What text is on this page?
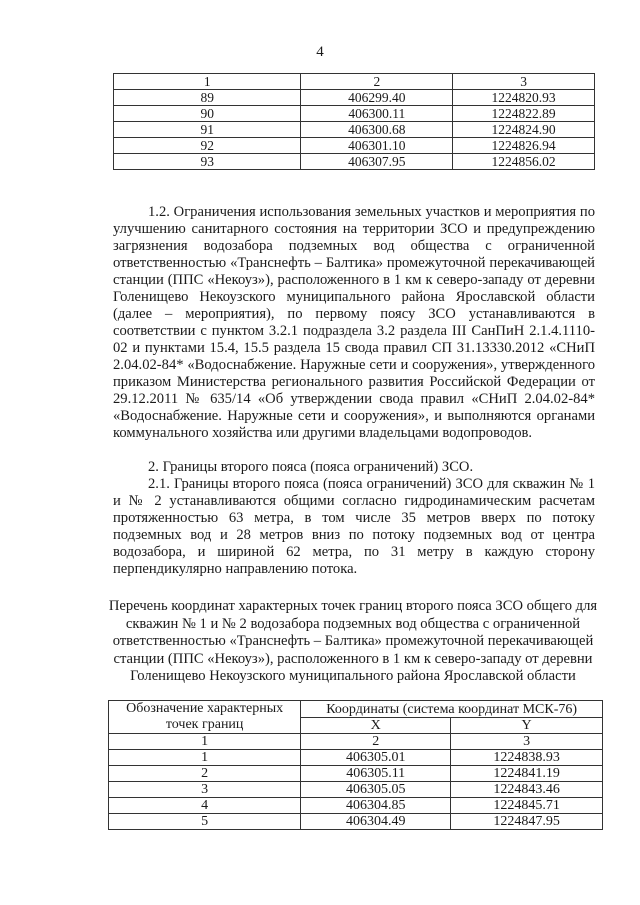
4
1	2	3
89	406299.40	1224820.93
90	406300.11	1224822.89
91	406300.68	1224824.90
92	406301.10	1224826.94
93	406307.95	1224856.02

1.2. Ограничения использования земельных участков и мероприятия по улучшению санитарного состояния на территории ЗСО и предупреждению загрязнения водозабора подземных вод общества с ограниченной ответственностью «Транснефть – Балтика» промежуточной перекачивающей станции (ППС «Некоуз»), расположенного в 1 км к северо-западу от деревни Голенищево Некоузского муниципального района Ярославской области (далее – мероприятия), по первому поясу ЗСО устанавливаются в соответствии с пунктом 3.2.1 подраздела 3.2 раздела III СанПиН 2.1.4.1110-02 и пунктами 15.4, 15.5 раздела 15 свода правил СП 31.13330.2012 «СНиП 2.04.02-84* «Водоснабжение. Наружные сети и сооружения», утвержденного приказом Министерства регионального развития Российской Федерации от 29.12.2011 № 635/14 «Об утверждении свода правил «СНиП 2.04.02-84* «Водоснабжение. Наружные сети и сооружения», и выполняются органами коммунального хозяйства или другими владельцами водопроводов.

2. Границы второго пояса (пояса ограничений) ЗСО.

2.1. Границы второго пояса (пояса ограничений) ЗСО для скважин № 1 и № 2 устанавливаются общими согласно гидродинамическим расчетам протяженностью 63 метра, в том числе 35 метров вверх по потоку подземных вод и 28 метров вниз по потоку подземных вод от центра водозабора, и шириной 62 метра, по 31 метру в каждую сторону перпендикулярно направлению потока.

Перечень координат характерных точек границ второго пояса ЗСО общего для скважин № 1 и № 2 водозабора подземных вод общества с ограниченной ответственностью «Транснефть – Балтика» промежуточной перекачивающей станции (ППС «Некоуз»), расположенного в 1 км к северо-западу от деревни Голенищево Некоузского муниципального района Ярославской области
Обозначение характерных точек границ	Координаты (система координат МСК-76)	
	X	Y
1	2	3
1	406305.01	1224838.93
2	406305.11	1224841.19
3	406305.05	1224843.46
4	406304.85	1224845.71
5	406304.49	1224847.95
